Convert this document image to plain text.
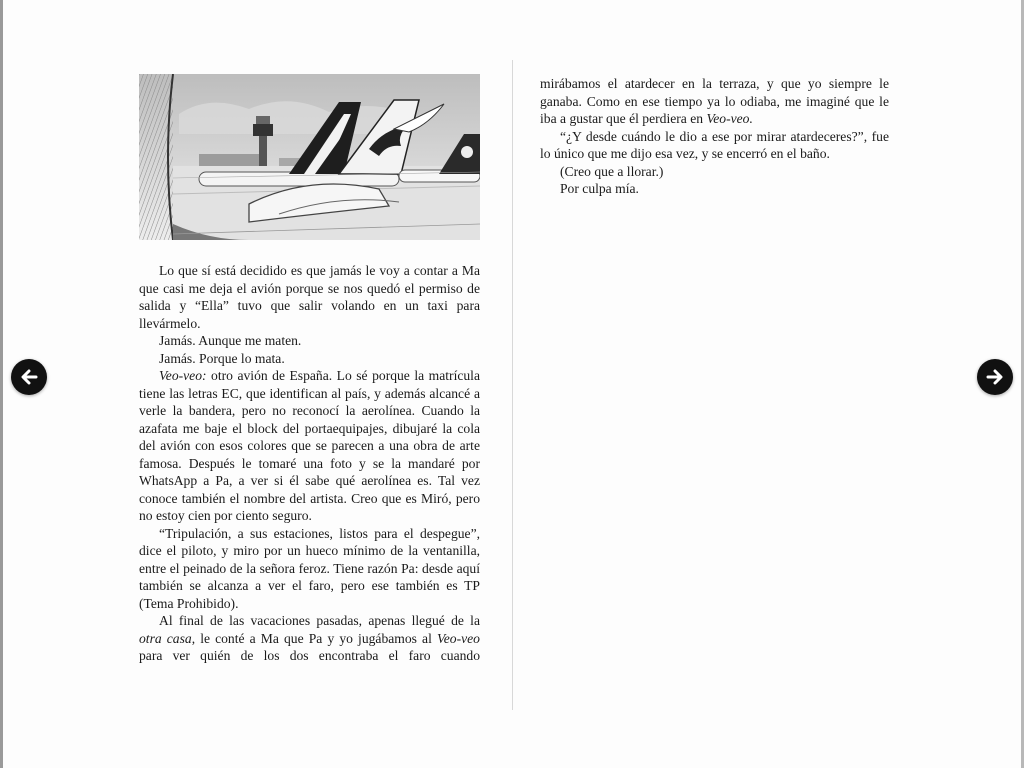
Lo que sí está decidido es que jamás le voy a contar a Ma que casi me deja el avión porque se nos quedó el permiso de salida y “Ella” tuvo que salir volando en un taxi para llevármelo.

Jamás. Aunque me maten.

Jamás. Porque lo mata.

Veo-veo: otro avión de España. Lo sé porque la matrícula tiene las letras EC, que identifican al país, y además alcancé a verle la bandera, pero no reconocí la aerolínea. Cuando la azafata me baje el block del portaequipajes, dibujaré la cola del avión con esos colores que se parecen a una obra de arte famosa. Después le tomaré una foto y se la mandaré por WhatsApp a Pa, a ver si él sabe qué aerolínea es. Tal vez conoce también el nombre del artista. Creo que es Miró, pero no estoy cien por ciento seguro.

“Tripulación, a sus estaciones, listos para el despegue”, dice el piloto, y miro por un hueco mínimo de la ventanilla, entre el peinado de la señora feroz. Tiene razón Pa: desde aquí también se alcanza a ver el faro, pero ese también es TP (Tema Prohibido).

Al final de las vacaciones pasadas, apenas llegué de la otra casa, le conté a Ma que Pa y yo jugábamos al Veo-veo para ver quién de los dos encontraba el faro cuando

mirábamos el atardecer en la terraza, y que yo siempre le ganaba. Como en ese tiempo ya lo odiaba, me imaginé que le iba a gustar que él perdiera en Veo-veo.

“¿Y desde cuándo le dio a ese por mirar atardeceres?”, fue lo único que me dijo esa vez, y se encerró en el baño.

(Creo que a llorar.)

Por culpa mía.
